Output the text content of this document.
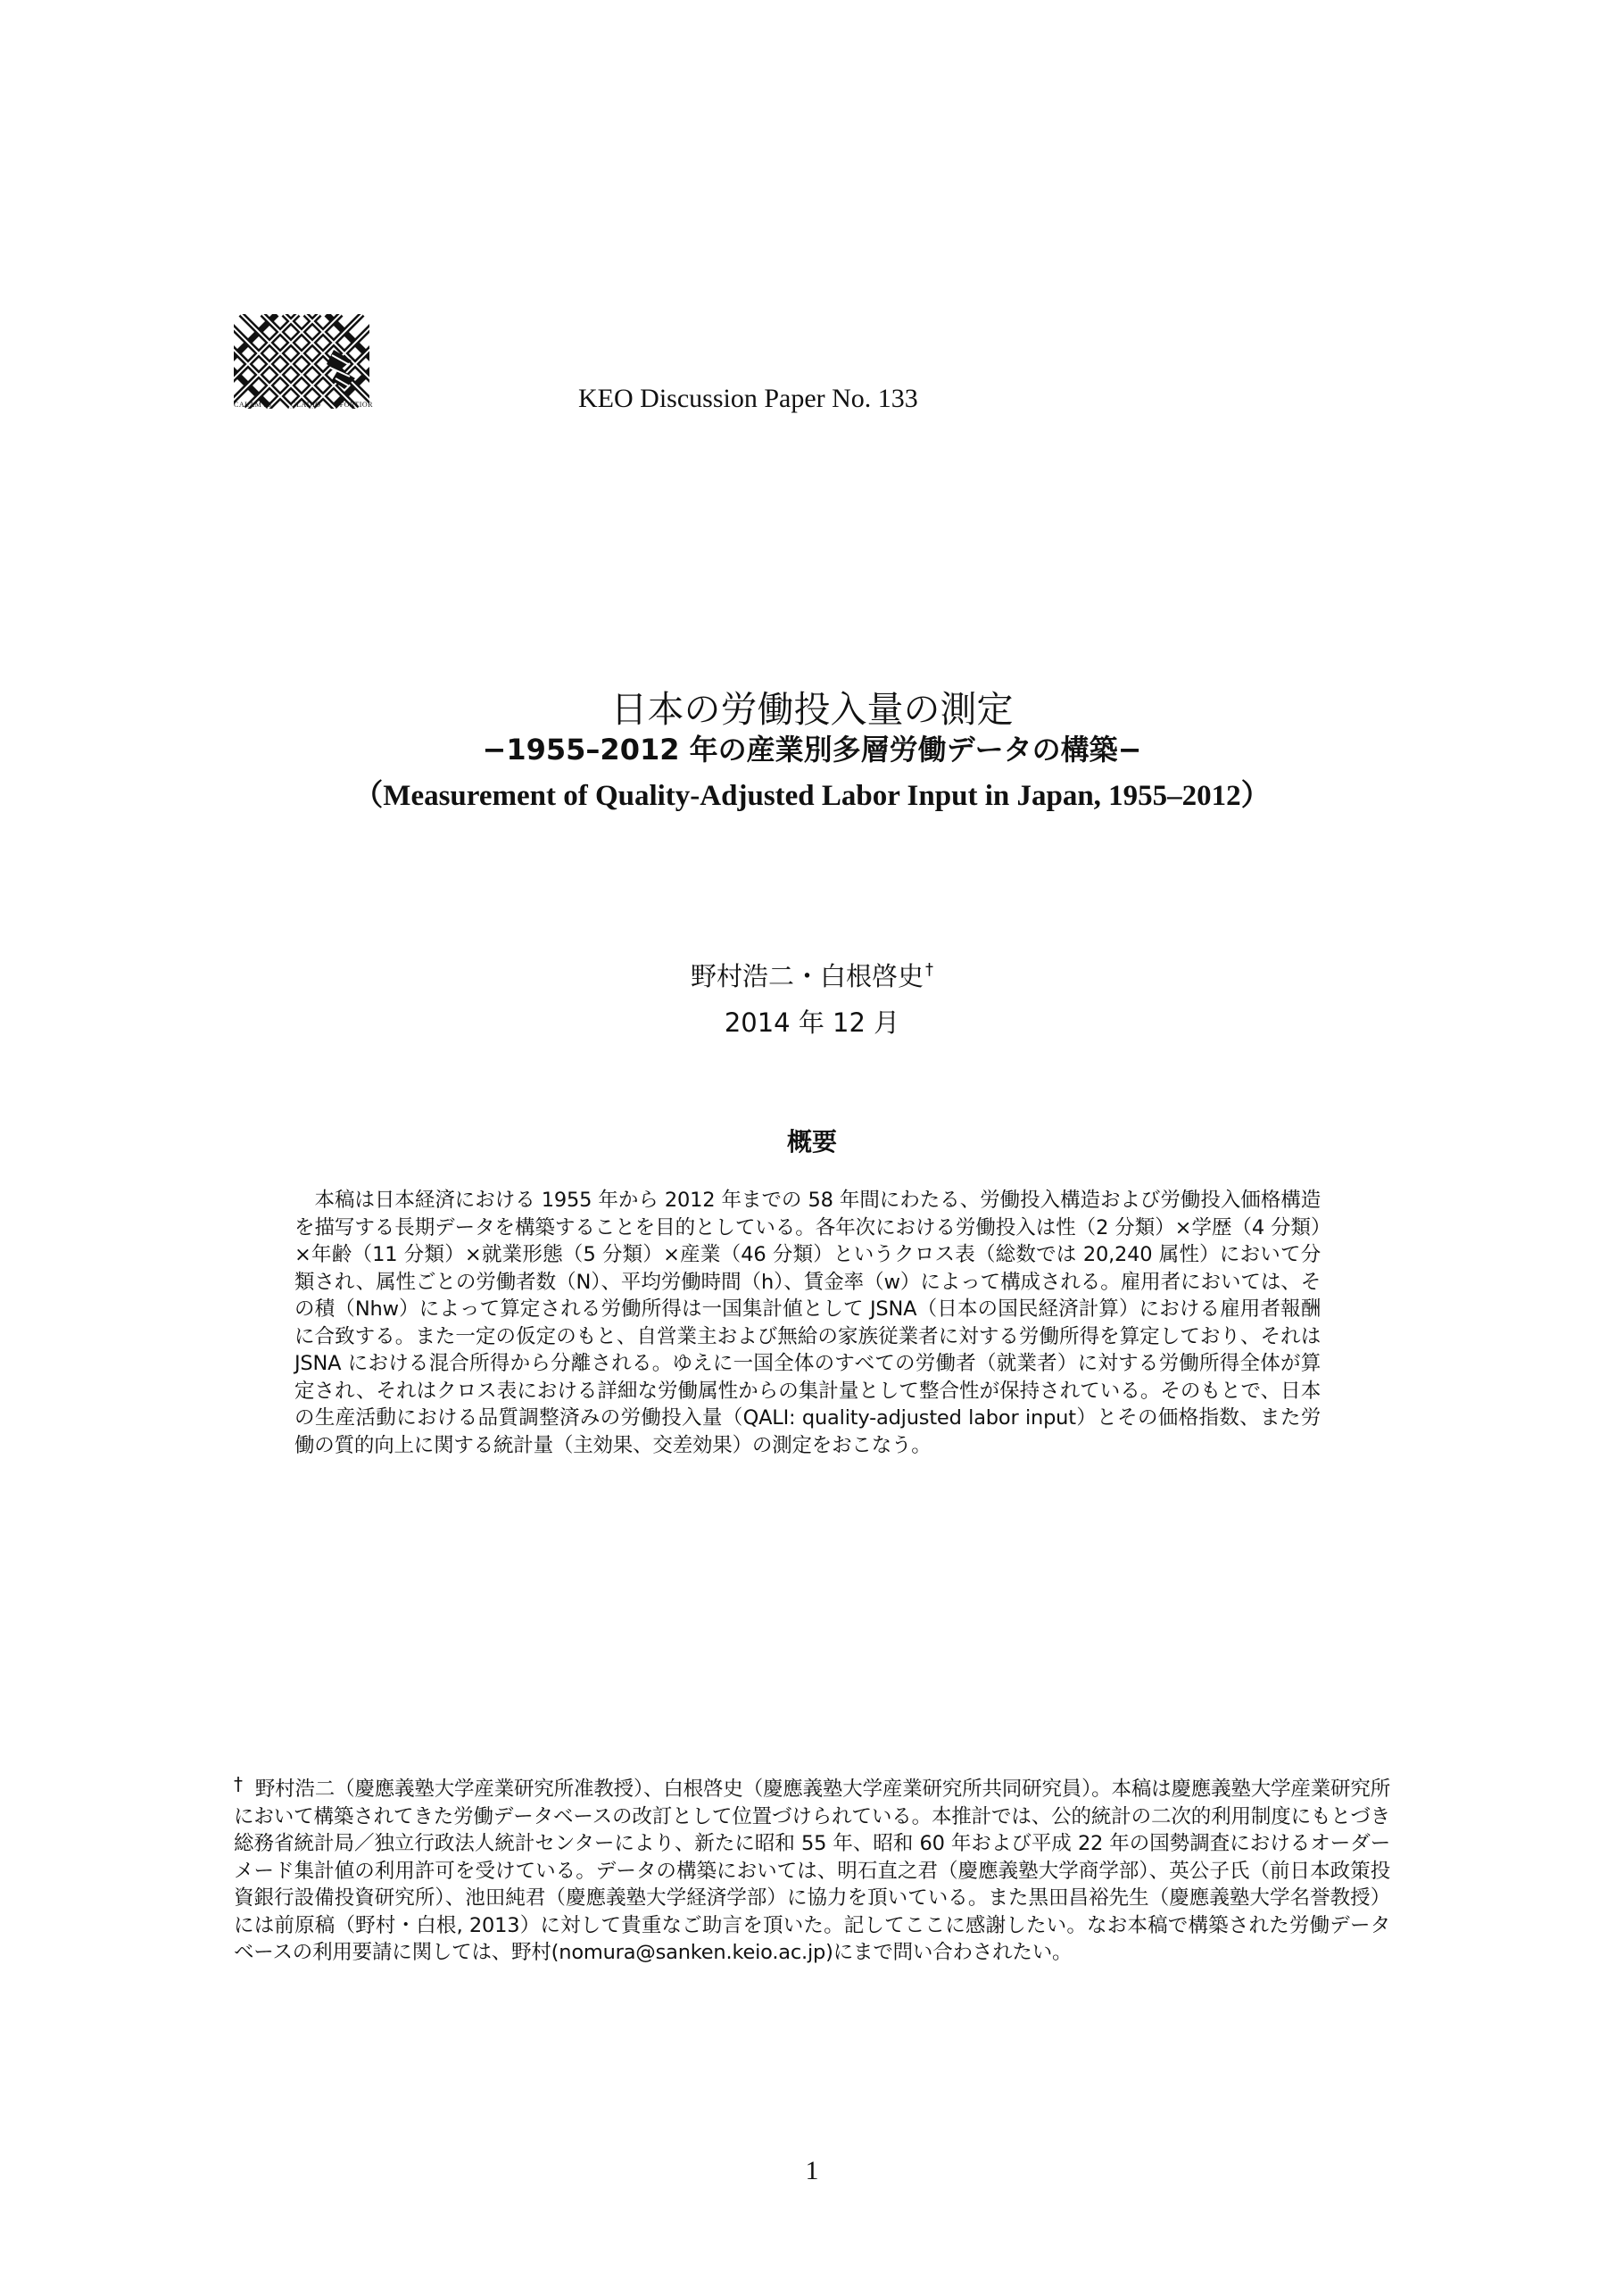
CALAMVS	GLADIO	FORTIOR	KEO Discussion Paper No. 133
日本の労働投入量の測定
−1955–2012 年の産業別多層労働データの構築−
（Measurement of Quality-Adjusted Labor Input in Japan, 1955–2012）
野村浩二・白根啓史 †
2014 年 12 月
概要
本稿は日本経済における 1955 年から 2012 年までの 58 年間にわたる、労働投入構造および労働投入価格構造を描写する長期データを構築することを目的としている。各年次における労働投入は性（2 分類）×学歴（4 分類）×年齢（11 分類）×就業形態（5 分類）×産業（46 分類）というクロス表（総数では 20,240 属性）において分類され、属性ごとの労働者数（N）、平均労働時間（h）、賃金率（w）によって構成される。雇用者においては、その積（Nhw）によって算定される労働所得は一国集計値として JSNA（日本の国民経済計算）における雇用者報酬に合致する。また一定の仮定のもと、自営業主および無給の家族従業者に対する労働所得を算定しており、それは JSNA における混合所得から分離される。ゆえに一国全体のすべての労働者（就業者）に対する労働所得全体が算定され、それはクロス表における詳細な労働属性からの集計量として整合性が保持されている。そのもとで、日本の生産活動における品質調整済みの労働投入量（QALI: quality-adjusted labor input）とその価格指数、また労働の質的向上に関する統計量（主効果、交差効果）の測定をおこなう。
† 野村浩二（慶應義塾大学産業研究所准教授）、白根啓史（慶應義塾大学産業研究所共同研究員）。本稿は慶應義塾大学産業研究所において構築されてきた労働データベースの改訂として位置づけられている。本推計では、公的統計の二次的利用制度にもとづき総務省統計局／独立行政法人統計センターにより、新たに昭和 55 年、昭和 60 年および平成 22 年の国勢調査におけるオーダーメード集計値の利用許可を受けている。データの構築においては、明石直之君（慶應義塾大学商学部）、英公子氏（前日本政策投資銀行設備投資研究所）、池田純君（慶應義塾大学経済学部）に協力を頂いている。また黒田昌裕先生（慶應義塾大学名誉教授）には前原稿（野村・白根, 2013）に対して貴重なご助言を頂いた。記してここに感謝したい。なお本稿で構築された労働データベースの利用要請に関しては、野村(nomura@sanken.keio.ac.jp)にまで問い合わされたい。
1
